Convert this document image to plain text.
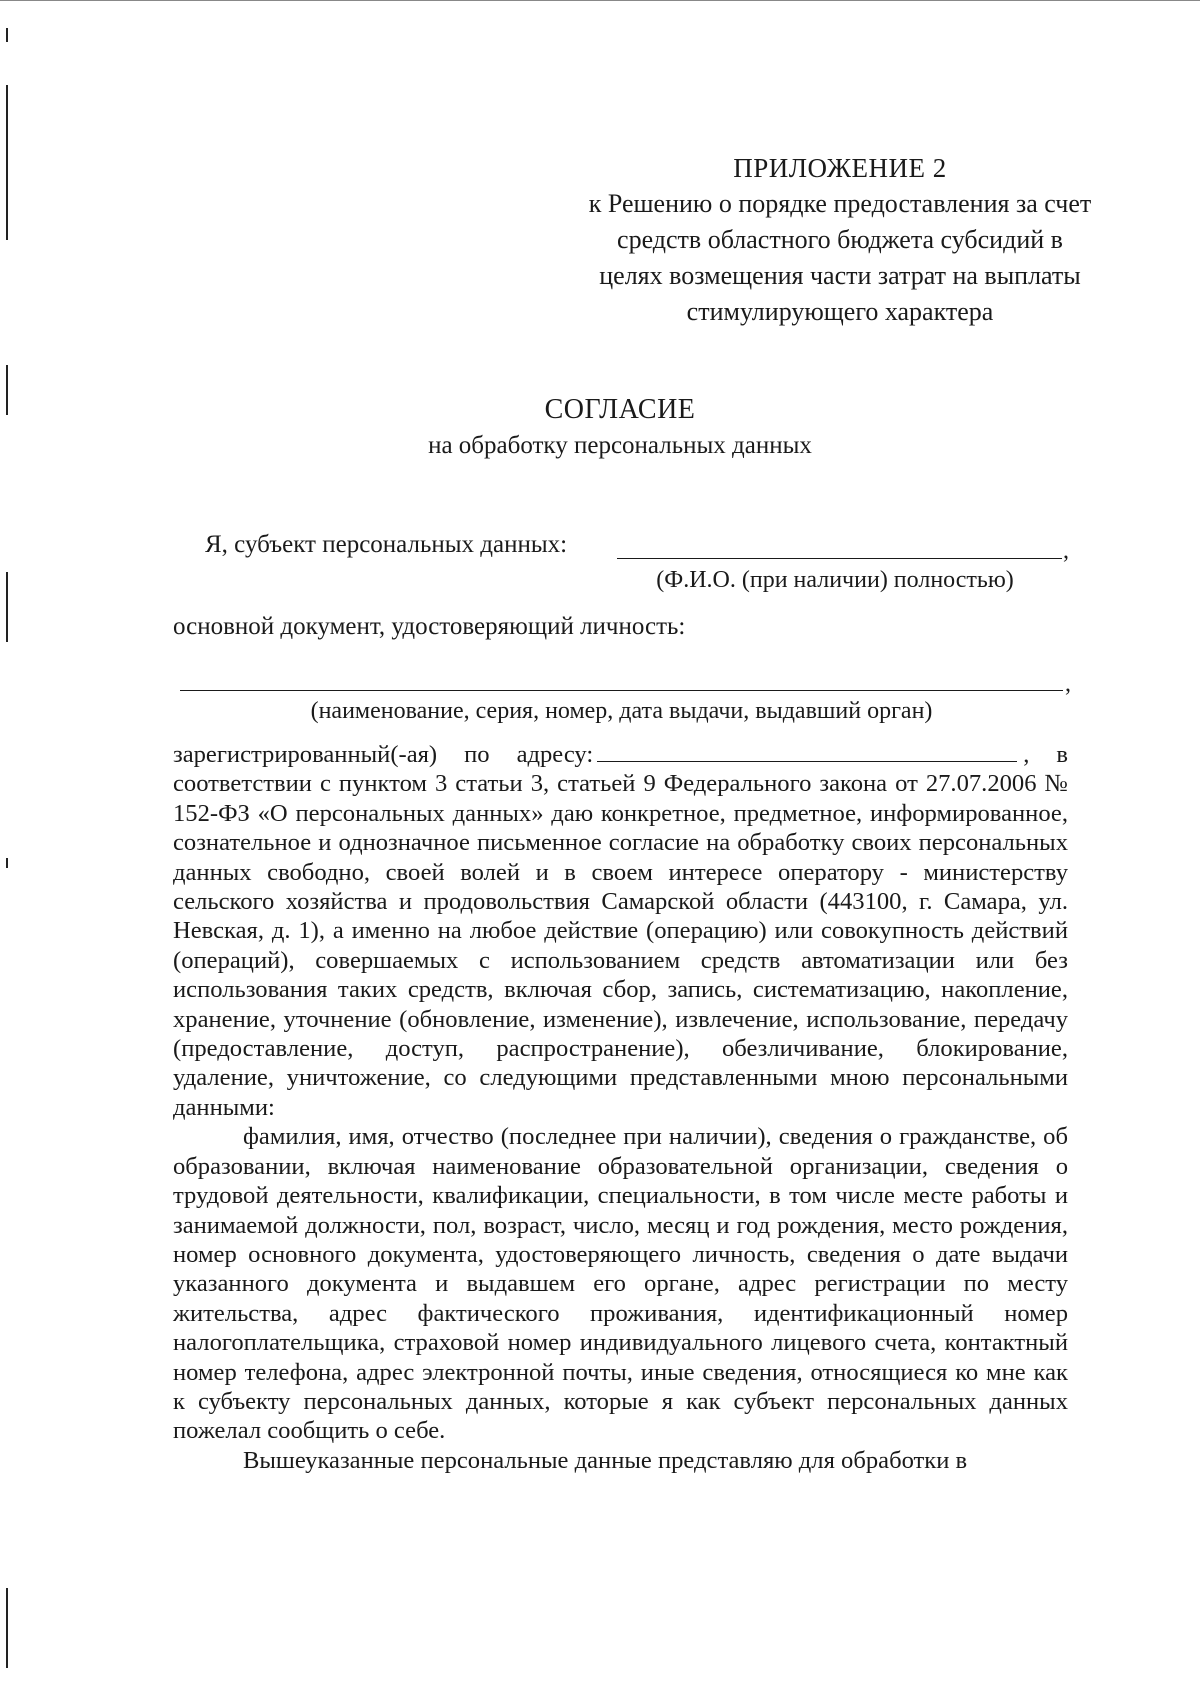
ПРИЛОЖЕНИЕ 2
к Решению о порядке предоставления за счет
средств областного бюджета субсидий в
целях возмещения части затрат на выплаты
стимулирующего характера
СОГЛАСИЕ
на обработку персональных данных
Я, субъект персональных данных:	,
(Ф.И.О. (при наличии) полностью)
основной документ, удостоверяющий личность:
,
(наименование, серия, номер, дата выдачи, выдавший орган)

зарегистрированный(-ая) по адресу:	, в соответствии с пунктом 3 статьи 3, статьей 9 Федерального закона от 27.07.2006 № 152-ФЗ «О персональных данных» даю конкретное, предметное, информированное, сознательное и однозначное письменное согласие на обработку своих персональных данных свободно, своей волей и в своем интересе оператору - министерству сельского хозяйства и продовольствия Самарской области (443100, г. Самара, ул. Невская, д. 1), а именно на любое действие (операцию) или совокупность действий (операций), совершаемых с использованием средств автоматизации или без использования таких средств, включая сбор, запись, систематизацию, накопление, хранение, уточнение (обновление, изменение), извлечение, использование, передачу (предоставление, доступ, распространение), обезличивание, блокирование, удаление, уничтожение, со следующими представленными мною персональными данными:

фамилия, имя, отчество (последнее при наличии), сведения о гражданстве, об образовании, включая наименование образовательной организации, сведения о трудовой деятельности, квалификации, специальности, в том числе месте работы и занимаемой должности, пол, возраст, число, месяц и год рождения, место рождения, номер основного документа, удостоверяющего личность, сведения о дате выдачи указанного документа и выдавшем его органе, адрес регистрации по месту жительства, адрес фактического проживания, идентификационный номер налогоплательщика, страховой номер индивидуального лицевого счета, контактный номер телефона, адрес электронной почты, иные сведения, относящиеся ко мне как к субъекту персональных данных, которые я как субъект персональных данных пожелал сообщить о себе.

Вышеуказанные персональные данные представляю для обработки в
